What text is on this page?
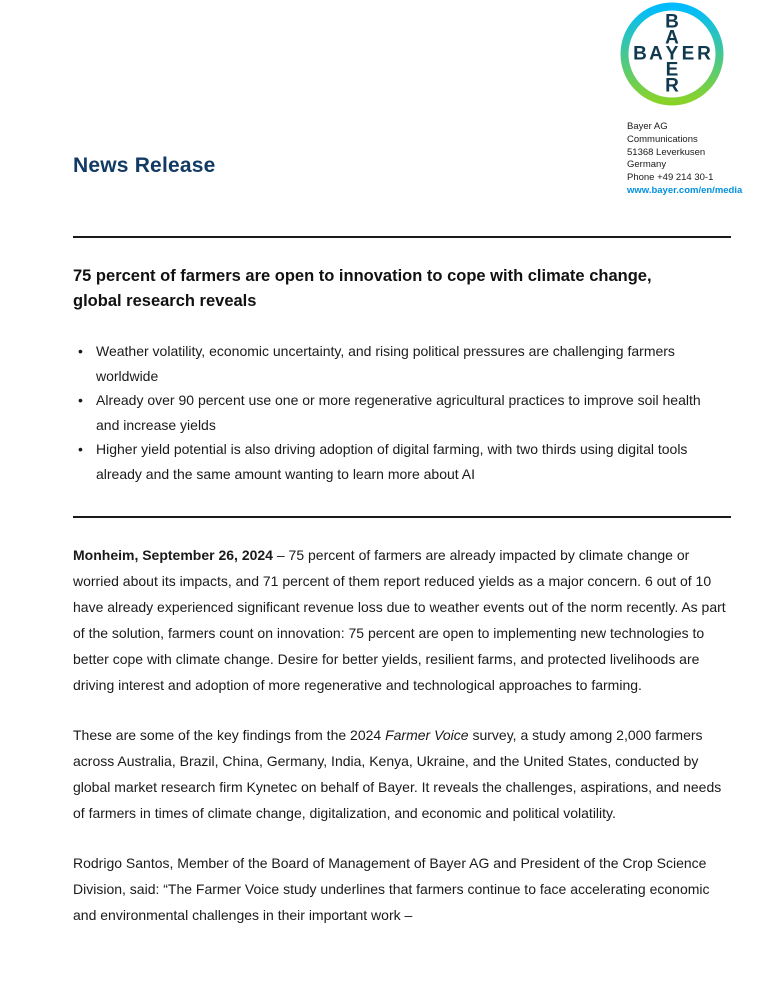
B A Y E R
B
A
E
R
Bayer AG
Communications
51368 Leverkusen
Germany
Phone +49 214 30-1
www.bayer.com/en/media
News Release
75 percent of farmers are open to innovation to cope with climate change, global research reveals
• Weather volatility, economic uncertainty, and rising political pressures are challenging farmers worldwide
• Already over 90 percent use one or more regenerative agricultural practices to improve soil health and increase yields
• Higher yield potential is also driving adoption of digital farming, with two thirds using digital tools already and the same amount wanting to learn more about AI

Monheim, September 26, 2024 – 75 percent of farmers are already impacted by climate change or worried about its impacts, and 71 percent of them report reduced yields as a major concern. 6 out of 10 have already experienced significant revenue loss due to weather events out of the norm recently. As part of the solution, farmers count on innovation: 75 percent are open to implementing new technologies to better cope with climate change. Desire for better yields, resilient farms, and protected livelihoods are driving interest and adoption of more regenerative and technological approaches to farming.

These are some of the key findings from the 2024 Farmer Voice survey, a study among 2,000 farmers across Australia, Brazil, China, Germany, India, Kenya, Ukraine, and the United States, conducted by global market research firm Kynetec on behalf of Bayer. It reveals the challenges, aspirations, and needs of farmers in times of climate change, digitalization, and economic and political volatility.

Rodrigo Santos, Member of the Board of Management of Bayer AG and President of the Crop Science Division, said: “The Farmer Voice study underlines that farmers continue to face accelerating economic and environmental challenges in their important work –
